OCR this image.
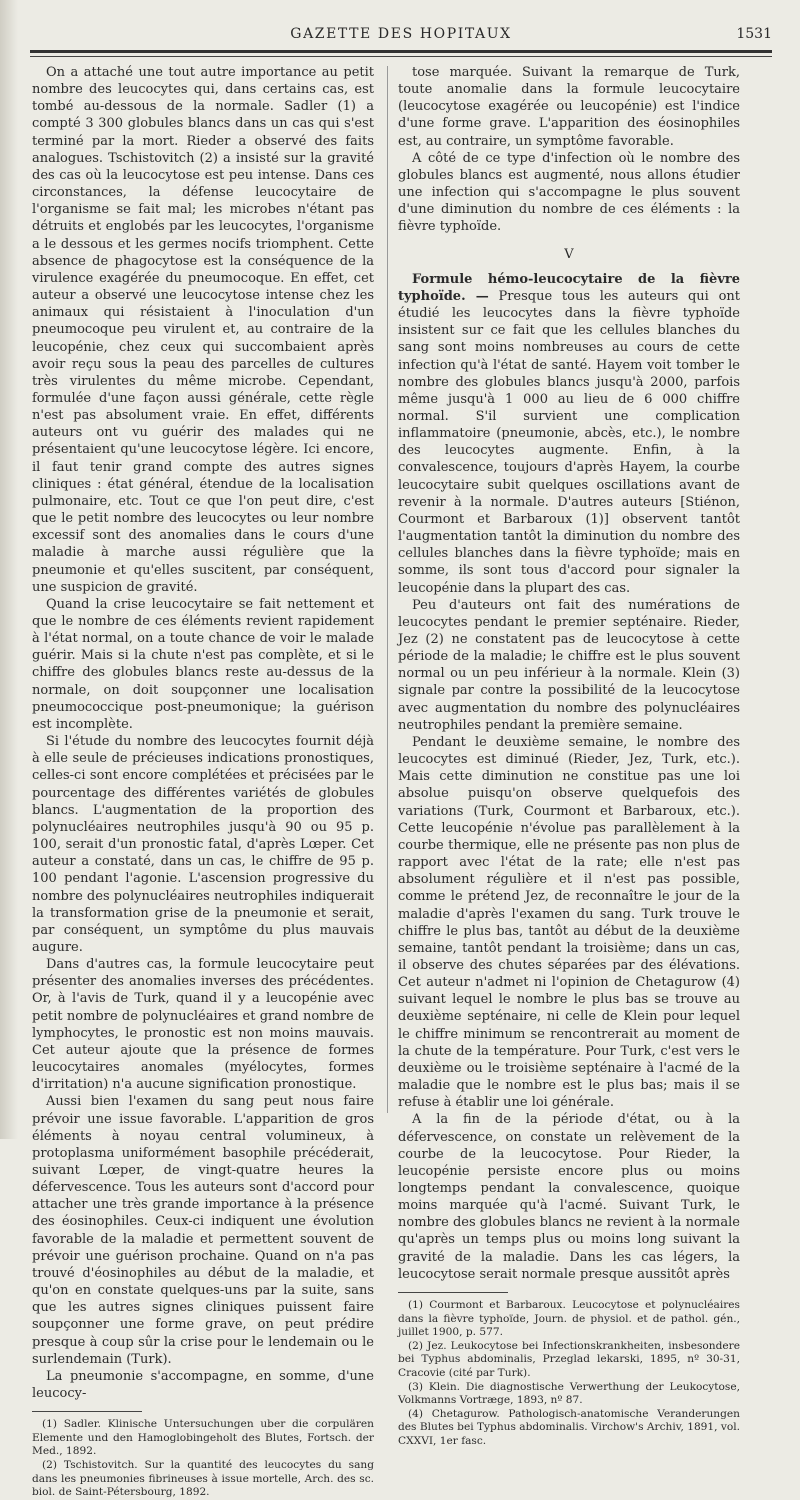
GAZETTE DES HOPITAUX	1531

On a attaché une tout autre importance au petit nombre des leucocytes qui, dans certains cas, est tombé au-dessous de la normale. Sadler (1) a compté 3 300 globules blancs dans un cas qui s'est terminé par la mort. Rieder a observé des faits analogues. Tschistovitch (2) a insisté sur la gravité des cas où la leucocytose est peu intense. Dans ces circonstances, la défense leucocytaire de l'organisme se fait mal; les microbes n'étant pas détruits et englobés par les leucocytes, l'organisme a le dessous et les germes nocifs triomphent. Cette absence de phagocytose est la conséquence de la virulence exagérée du pneumocoque. En effet, cet auteur a observé une leucocytose intense chez les animaux qui résistaient à l'inoculation d'un pneumocoque peu virulent et, au contraire de la leucopénie, chez ceux qui succombaient après avoir reçu sous la peau des parcelles de cultures très virulentes du même microbe. Cependant, formulée d'une façon aussi générale, cette règle n'est pas absolument vraie. En effet, différents auteurs ont vu guérir des malades qui ne présentaient qu'une leucocytose légère. Ici encore, il faut tenir grand compte des autres signes cliniques : état général, étendue de la localisation pulmonaire, etc. Tout ce que l'on peut dire, c'est que le petit nombre des leucocytes ou leur nombre excessif sont des anomalies dans le cours d'une maladie à marche aussi régulière que la pneumonie et qu'elles suscitent, par conséquent, une suspicion de gravité.

Quand la crise leucocytaire se fait nettement et que le nombre de ces éléments revient rapidement à l'état normal, on a toute chance de voir le malade guérir. Mais si la chute n'est pas complète, et si le chiffre des globules blancs reste au-dessus de la normale, on doit soupçonner une localisation pneumococcique post-pneumonique; la guérison est incomplète.

Si l'étude du nombre des leucocytes fournit déjà à elle seule de précieuses indications pronostiques, celles-ci sont encore complétées et précisées par le pourcentage des différentes variétés de globules blancs. L'augmentation de la proportion des polynucléaires neutrophiles jusqu'à 90 ou 95 p. 100, serait d'un pronostic fatal, d'après Lœper. Cet auteur a constaté, dans un cas, le chiffre de 95 p. 100 pendant l'agonie. L'ascension progressive du nombre des polynucléaires neutrophiles indiquerait la transformation grise de la pneumonie et serait, par conséquent, un symptôme du plus mauvais augure.

Dans d'autres cas, la formule leucocytaire peut présenter des anomalies inverses des précédentes. Or, à l'avis de Turk, quand il y a leucopénie avec petit nombre de polynucléaires et grand nombre de lymphocytes, le pronostic est non moins mauvais. Cet auteur ajoute que la présence de formes leucocytaires anomales (myélocytes, formes d'irritation) n'a aucune signification pronostique.

Aussi bien l'examen du sang peut nous faire prévoir une issue favorable. L'apparition de gros éléments à noyau central volumineux, à protoplasma uniformément basophile précéderait, suivant Lœper, de vingt-quatre heures la défervescence. Tous les auteurs sont d'accord pour attacher une très grande importance à la présence des éosinophiles. Ceux-ci indiquent une évolution favorable de la maladie et permettent souvent de prévoir une guérison prochaine. Quand on n'a pas trouvé d'éosinophiles au début de la maladie, et qu'on en constate quelques-uns par la suite, sans que les autres signes cliniques puissent faire soupçonner une forme grave, on peut prédire presque à coup sûr la crise pour le lendemain ou le surlendemain (Turk).

La pneumonie s'accompagne, en somme, d'une leucocy-

(1) Sadler. Klinische Untersuchungen uber die corpulären Elemente und den Hamoglobingeholt des Blutes, Fortsch. der Med., 1892.

(2) Tschistovitch. Sur la quantité des leucocytes du sang dans les pneumonies fibrineuses à issue mortelle, Arch. des sc. biol. de Saint-Pétersbourg, 1892.

tose marquée. Suivant la remarque de Turk, toute anomalie dans la formule leucocytaire (leucocytose exagérée ou leucopénie) est l'indice d'une forme grave. L'apparition des éosinophiles est, au contraire, un symptôme favorable.

A côté de ce type d'infection où le nombre des globules blancs est augmenté, nous allons étudier une infection qui s'accompagne le plus souvent d'une diminution du nombre de ces éléments : la fièvre typhoïde.

V

Formule hémo-leucocytaire de la fièvre typhoïde. — Presque tous les auteurs qui ont étudié les leucocytes dans la fièvre typhoïde insistent sur ce fait que les cellules blanches du sang sont moins nombreuses au cours de cette infection qu'à l'état de santé. Hayem voit tomber le nombre des globules blancs jusqu'à 2000, parfois même jusqu'à 1 000 au lieu de 6 000 chiffre normal. S'il survient une complication inflammatoire (pneumonie, abcès, etc.), le nombre des leucocytes augmente. Enfin, à la convalescence, toujours d'après Hayem, la courbe leucocytaire subit quelques oscillations avant de revenir à la normale. D'autres auteurs [Stiénon, Courmont et Barbaroux (1)] observent tantôt l'augmentation tantôt la diminution du nombre des cellules blanches dans la fièvre typhoïde; mais en somme, ils sont tous d'accord pour signaler la leucopénie dans la plupart des cas.

Peu d'auteurs ont fait des numérations de leucocytes pendant le premier septénaire. Rieder, Jez (2) ne constatent pas de leucocytose à cette période de la maladie; le chiffre est le plus souvent normal ou un peu inférieur à la normale. Klein (3) signale par contre la possibilité de la leucocytose avec augmentation du nombre des polynucléaires neutrophiles pendant la première semaine.

Pendant le deuxième semaine, le nombre des leucocytes est diminué (Rieder, Jez, Turk, etc.). Mais cette diminution ne constitue pas une loi absolue puisqu'on observe quelquefois des variations (Turk, Courmont et Barbaroux, etc.). Cette leucopénie n'évolue pas parallèlement à la courbe thermique, elle ne présente pas non plus de rapport avec l'état de la rate; elle n'est pas absolument régulière et il n'est pas possible, comme le prétend Jez, de reconnaître le jour de la maladie d'après l'examen du sang. Turk trouve le chiffre le plus bas, tantôt au début de la deuxième semaine, tantôt pendant la troisième; dans un cas, il observe des chutes séparées par des élévations. Cet auteur n'admet ni l'opinion de Chetagurow (4) suivant lequel le nombre le plus bas se trouve au deuxième septénaire, ni celle de Klein pour lequel le chiffre minimum se rencontrerait au moment de la chute de la température. Pour Turk, c'est vers le deuxième ou le troisième septénaire à l'acmé de la maladie que le nombre est le plus bas; mais il se refuse à établir une loi générale.

A la fin de la période d'état, ou à la défervescence, on constate un relèvement de la courbe de la leucocytose. Pour Rieder, la leucopénie persiste encore plus ou moins longtemps pendant la convalescence, quoique moins marquée qu'à l'acmé. Suivant Turk, le nombre des globules blancs ne revient à la normale qu'après un temps plus ou moins long suivant la gravité de la maladie. Dans les cas légers, la leucocytose serait normale presque aussitôt après

(1) Courmont et Barbaroux. Leucocytose et polynucléaires dans la fièvre typhoïde, Journ. de physiol. et de pathol. gén., juillet 1900, p. 577.

(2) Jez. Leukocytose bei Infectionskrankheiten, insbesondere bei Typhus abdominalis, Przeglad lekarski, 1895, nº 30-31, Cracovie (cité par Turk).

(3) Klein. Die diagnostische Verwerthung der Leukocytose, Volkmanns Vortræge, 1893, nº 87.

(4) Chetagurow. Pathologisch-anatomische Veranderungen des Blutes bei Typhus abdominalis. Virchow's Archiv, 1891, vol. CXXVI, 1er fasc.
